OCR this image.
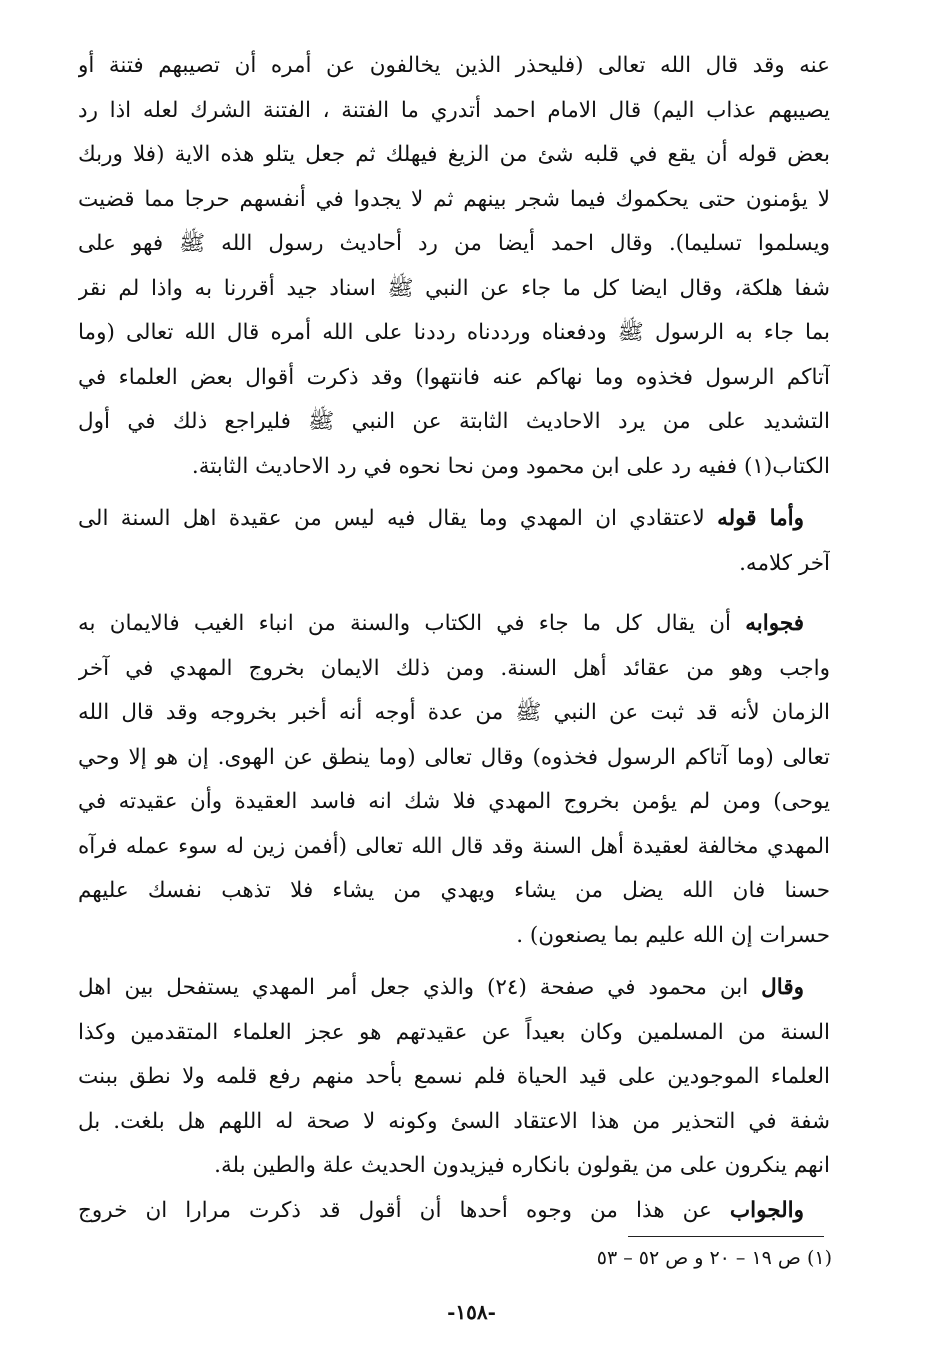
عنه وقد قال الله تعالى (فليحذر الذين يخالفون عن أمره أن تصيبهم فتنة أو
يصيبهم عذاب اليم) قال الامام احمد أتدري ما الفتنة ، الفتنة الشرك لعله اذا رد
بعض قوله أن يقع في قلبه شئ من الزيغ فيهلك ثم جعل يتلو هذه الاية (فلا وربك
لا يؤمنون حتى يحكموك فيما شجر بينهم ثم لا يجدوا في أنفسهم حرجا مما قضيت
ويسلموا تسليما). وقال احمد أيضا من رد أحاديث رسول الله ﷺ فهو على
شفا هلكة، وقال ايضا كل ما جاء عن النبي ﷺ اسناد جيد أقررنا به واذا لم نقر
بما جاء به الرسول ﷺ ودفعناه ورددناه رددنا على الله أمره قال الله تعالى (وما
آتاكم الرسول فخذوه وما نهاكم عنه فانتهوا) وقد ذكرت أقوال بعض العلماء في
التشديد على من يرد الاحاديث الثابتة عن النبي ﷺ فليراجع ذلك في أول
الكتاب(١) ففيه رد على ابن محمود ومن نحا نحوه في رد الاحاديث الثابتة.
وأما قوله لاعتقادي ان المهدي وما يقال فيه ليس من عقيدة اهل السنة الى
آخر كلامه.
فجوابه أن يقال كل ما جاء في الكتاب والسنة من انباء الغيب فالايمان به
واجب وهو من عقائد أهل السنة. ومن ذلك الايمان بخروج المهدي في آخر
الزمان لأنه قد ثبت عن النبي ﷺ من عدة أوجه أنه أخبر بخروجه وقد قال الله
تعالى (وما آتاكم الرسول فخذوه) وقال تعالى (وما ينطق عن الهوى. إن هو إلا وحي
يوحى) ومن لم يؤمن بخروج المهدي فلا شك انه فاسد العقيدة وأن عقيدته في
المهدي مخالفة لعقيدة أهل السنة وقد قال الله تعالى (أفمن زين له سوء عمله فرآه
حسنا فان الله يضل من يشاء ويهدي من يشاء فلا تذهب نفسك عليهم
حسرات إن الله عليم بما يصنعون) .
وقال ابن محمود في صفحة (٢٤) والذي جعل أمر المهدي يستفحل بين اهل
السنة من المسلمين وكان بعيداً عن عقيدتهم هو عجز العلماء المتقدمين وكذا
العلماء الموجودين على قيد الحياة فلم نسمع بأحد منهم رفع قلمه ولا نطق ببنت
شفة في التحذير من هذا الاعتقاد السئ وكونه لا صحة له اللهم هل بلغت. بل
انهم ينكرون على من يقولون بانكاره فيزيدون الحديث علة والطين بلة.
والجواب عن هذا من وجوه أحدها أن أقول قد ذكرت مرارا ان خروج
(١) ص ١٩ – ٢٠ و ص ٥٢ – ٥٣
-١٥٨-
